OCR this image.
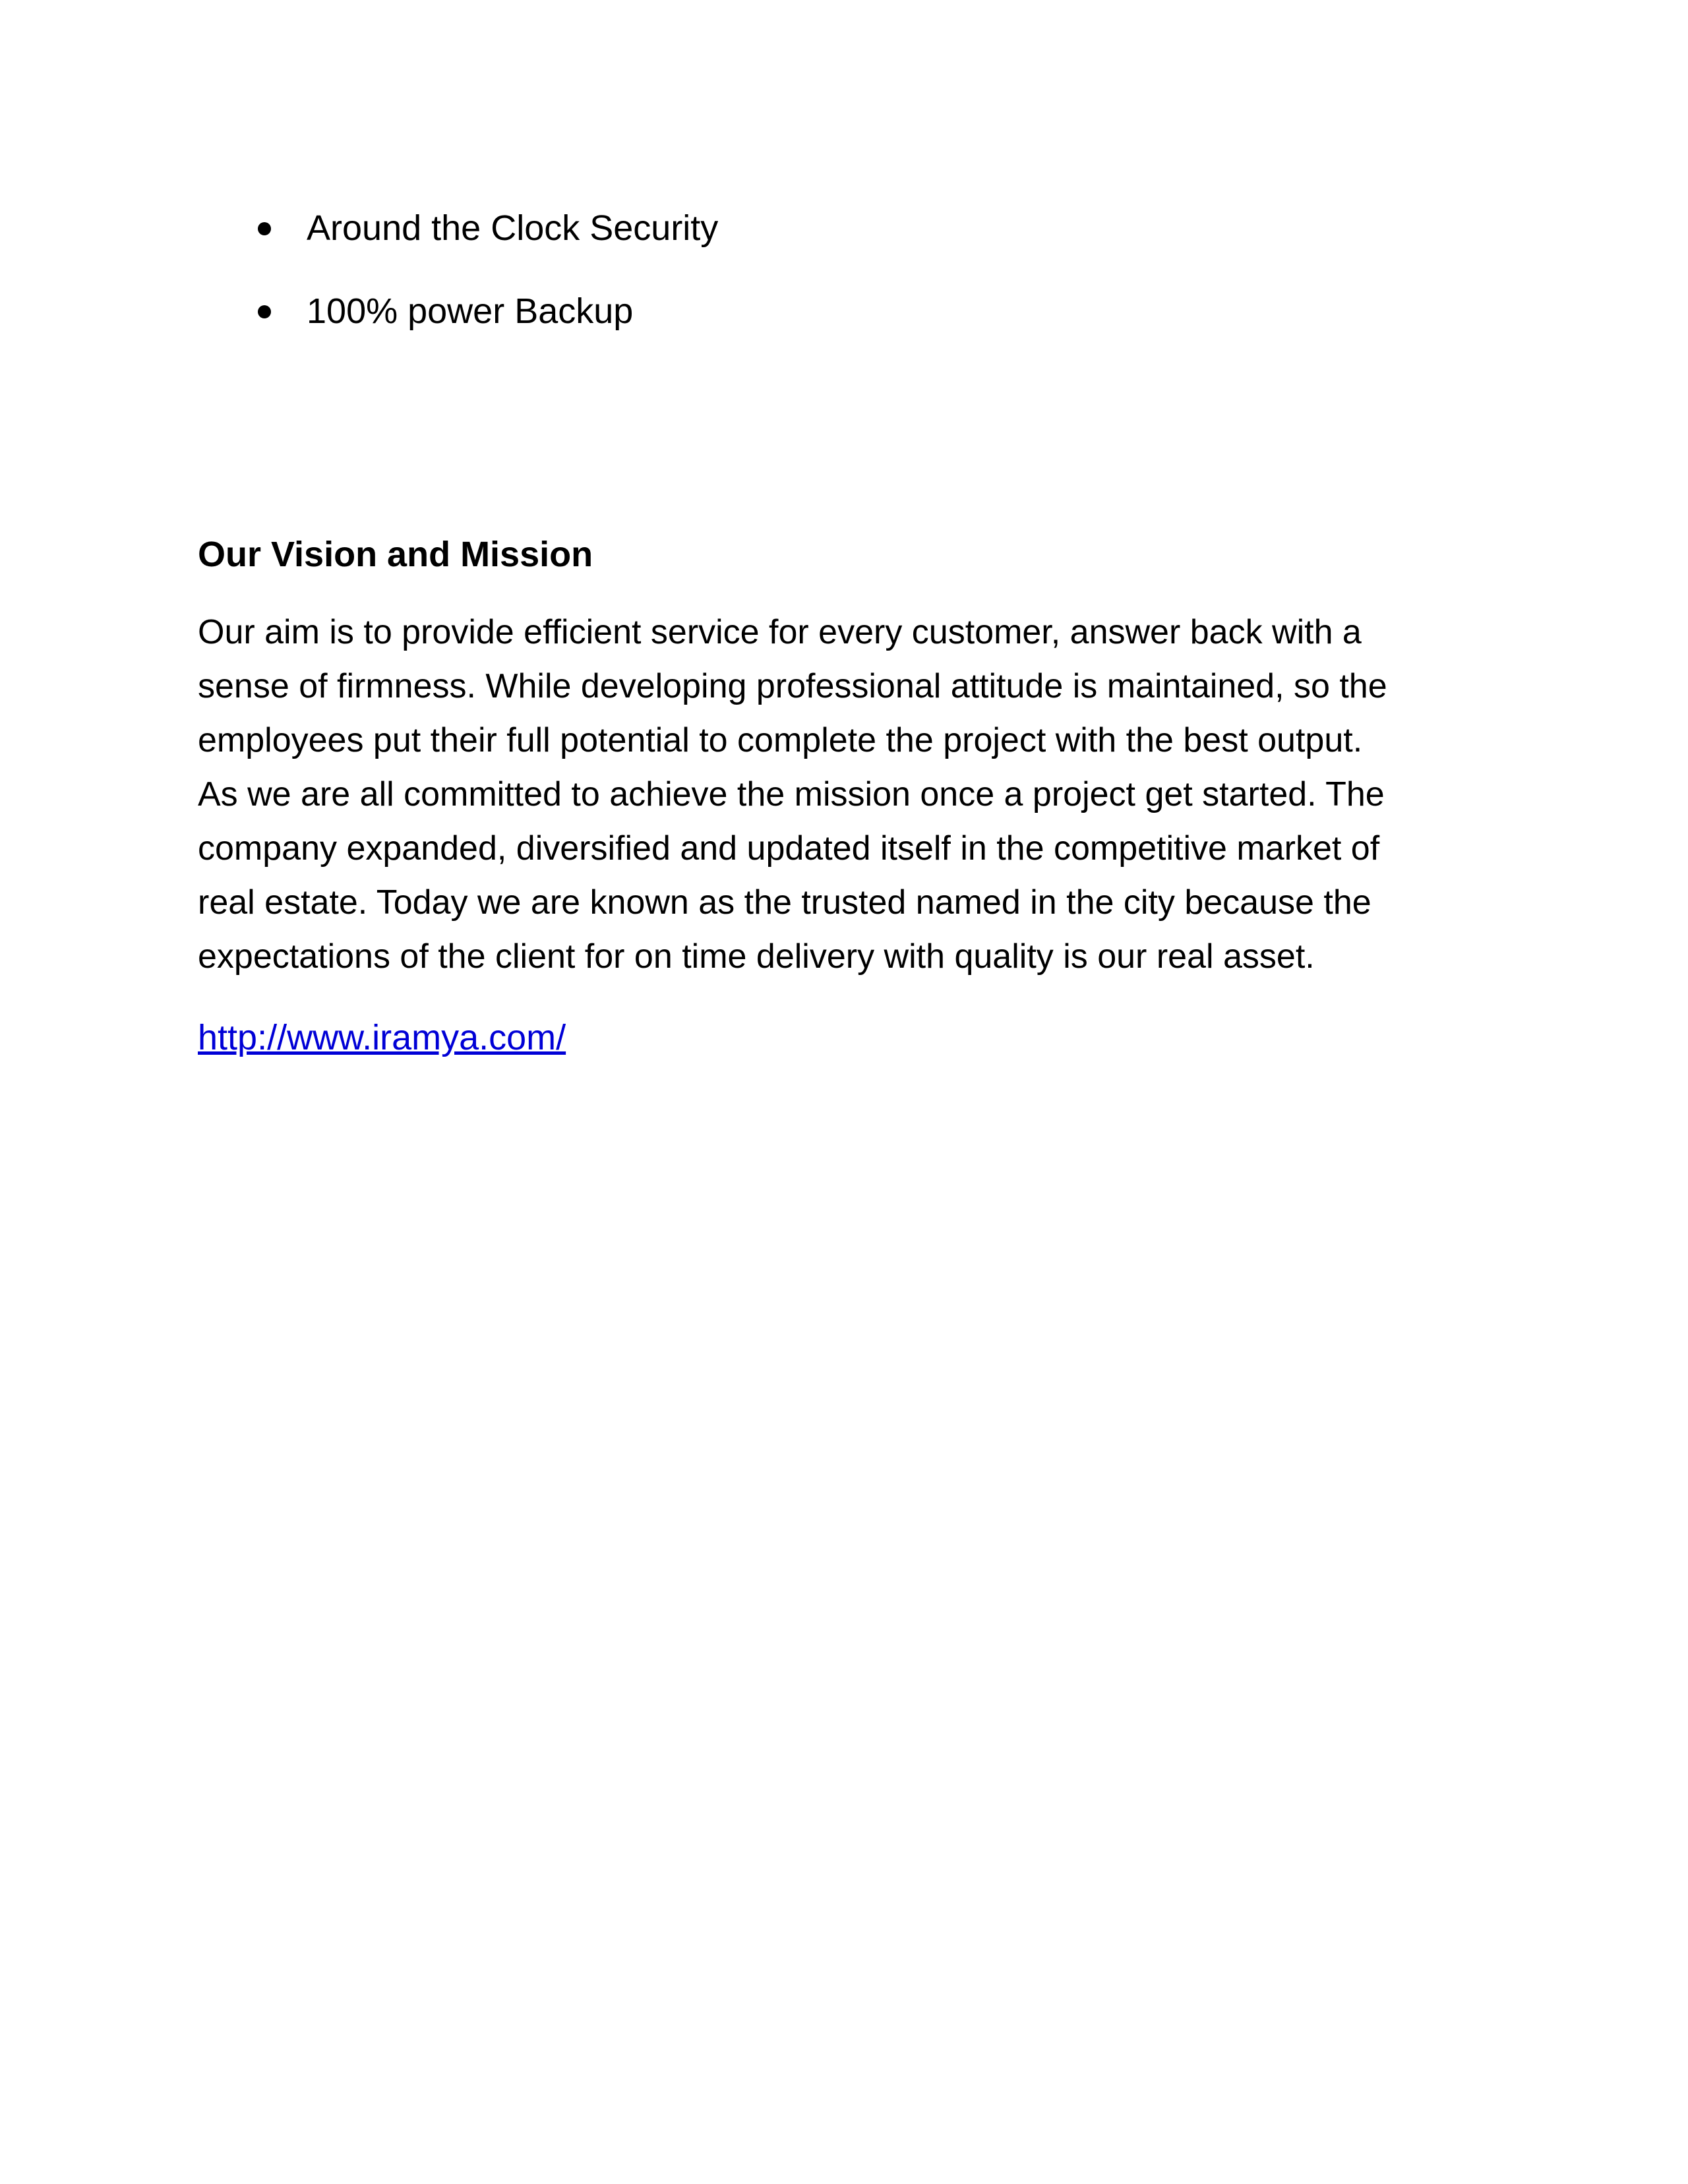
Around the Clock Security
100% power Backup
Our Vision and Mission

Our aim is to provide efficient service for every customer, answer back with a
sense of firmness. While developing professional attitude is maintained, so the
employees put their full potential to complete the project with the best output.
As we are all committed to achieve the mission once a project get started. The
company expanded, diversified and updated itself in the competitive market of
real estate. Today we are known as the trusted named in the city because the
expectations of the client for on time delivery with quality is our real asset.

http://www.iramya.com/
